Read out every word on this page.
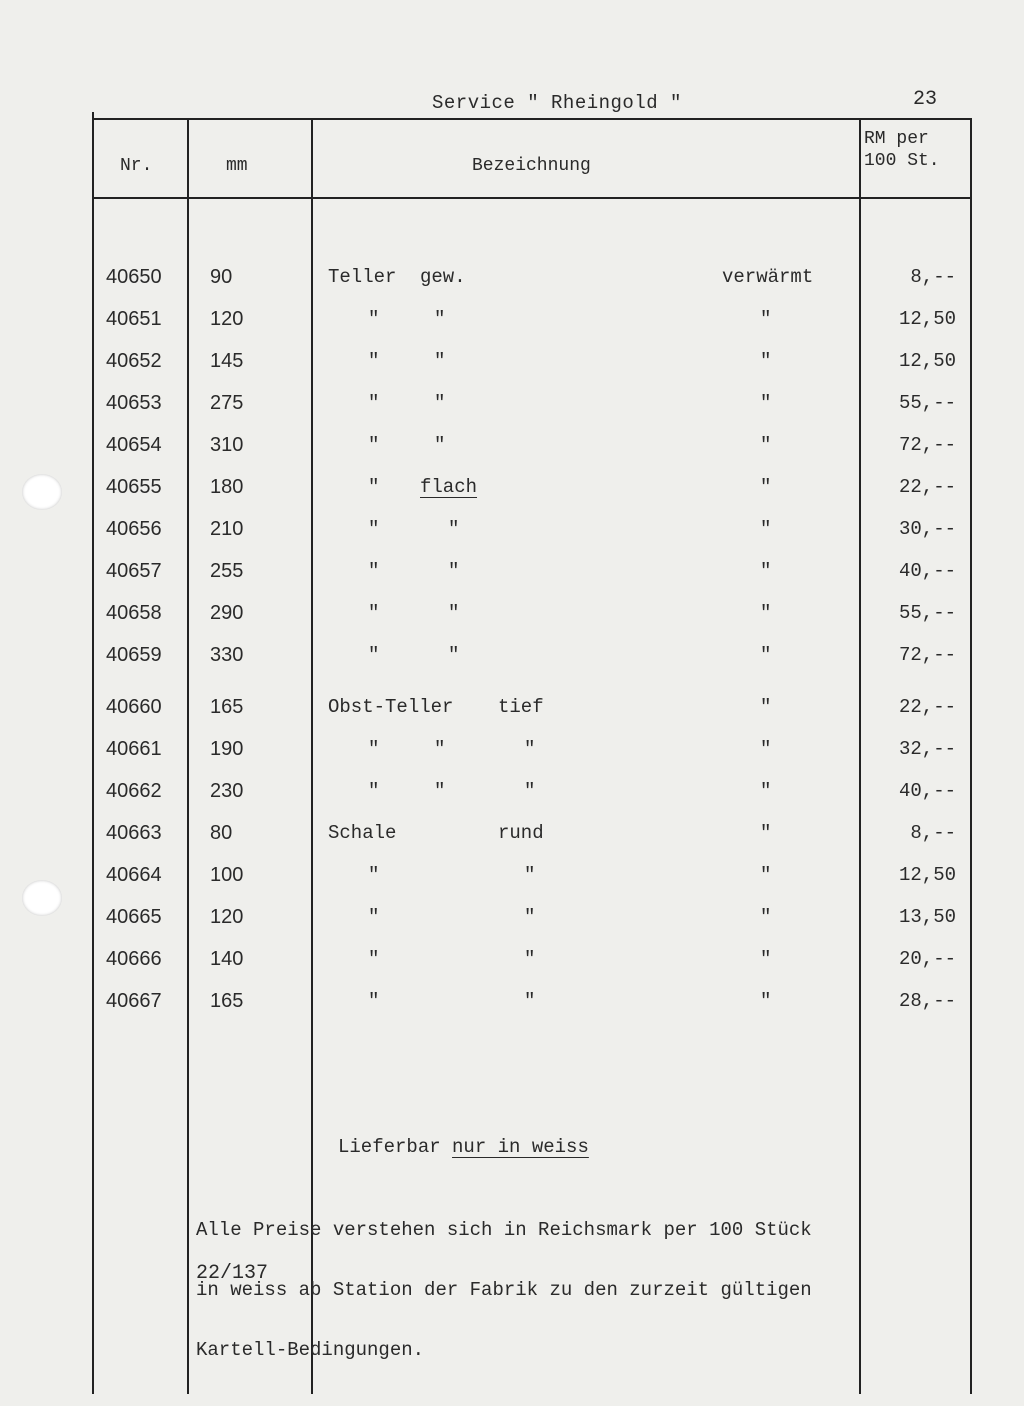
Service " Rheingold "	23
Nr.	mm	Bezeichnung
RM per
100 St.
40650 90	Teller gew.	verwärmt	8,--
40651 120	"	"	"	12,50
40652 145	"	"	"	12,50
40653 275	"	"	"	55,--
40654 310	"	"	"	72,--
40655 180	" flach	"	22,--
40656 210	"	"	"	30,--
40657 255	"	"	"	40,--
40658 290	"	"	"	55,--
40659 330	"	"	"	72,--
40660 165	Obst-Teller tief	"	22,--
40661 190	"	"	"	"	32,--
40662 230	"	"	"	"	40,--
40663 80	Schale	rund	"	8,--
40664 100	"	"	"	12,50
40665 120	"	"	"	13,50
40666 140	"	"	"	20,--
40667 165	"	"	"	28,--
Lieferbar nur in weiss

Alle Preise verstehen sich in Reichsmark per 100 Stück

in weiss ab Station der Fabrik zu den zurzeit gültigen

Kartell-Bedingungen.

22/137
